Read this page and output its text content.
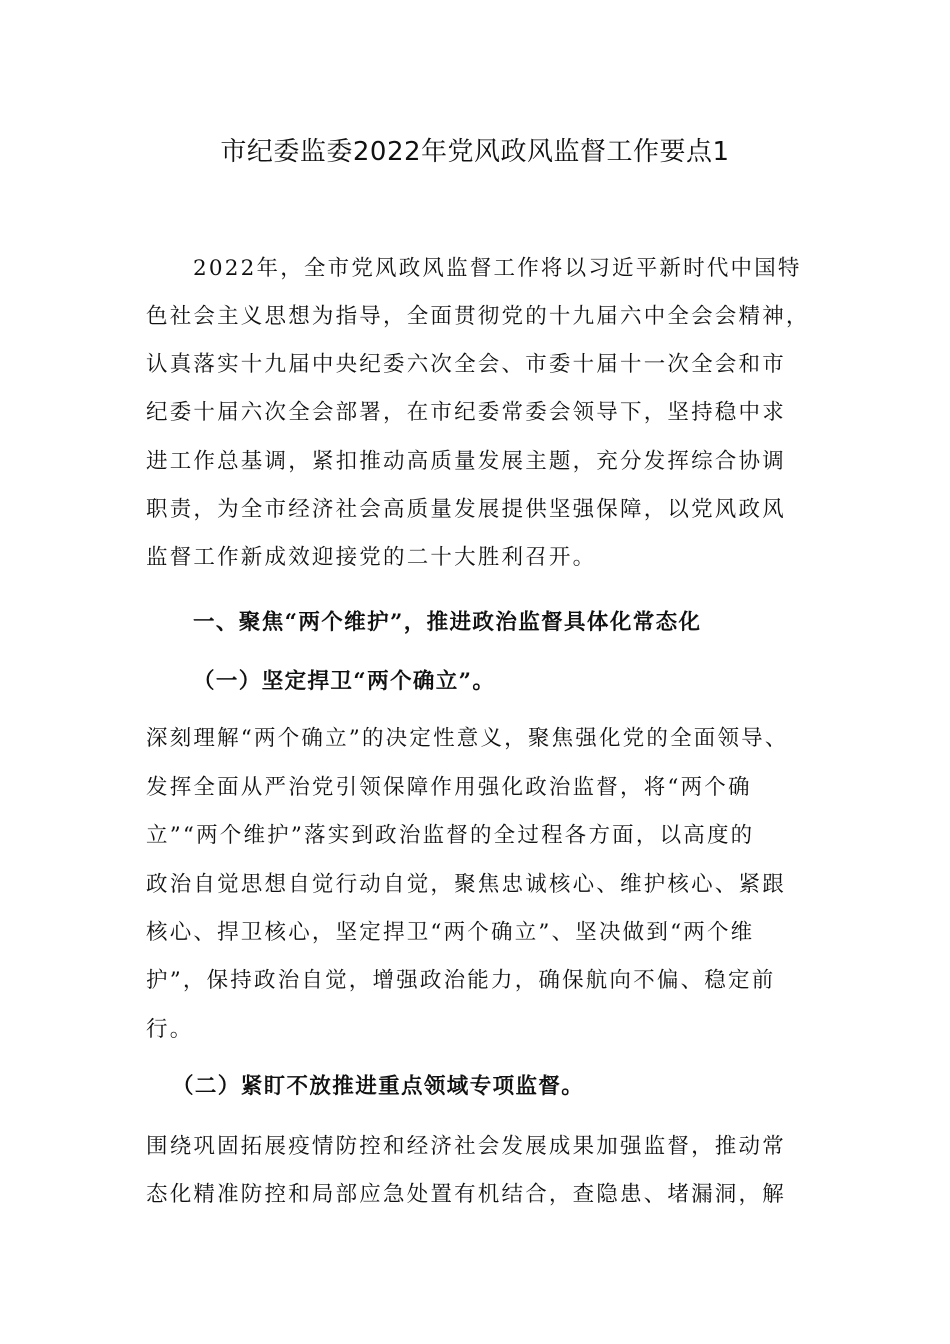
市纪委监委2022年党风政风监督工作要点1
2022年，全市党风政风监督工作将以习近平新时代中国特
色社会主义思想为指导，全面贯彻党的十九届六中全会会精神，
认真落实十九届中央纪委六次全会、市委十届十一次全会和市
纪委十届六次全会部署，在市纪委常委会领导下，坚持稳中求
进工作总基调，紧扣推动高质量发展主题，充分发挥综合协调
职责，为全市经济社会高质量发展提供坚强保障，以党风政风
监督工作新成效迎接党的二十大胜利召开。
一、聚焦“两个维护”，推进政治监督具体化常态化
（一）坚定捍卫“两个确立”。
深刻理解“两个确立”的决定性意义，聚焦强化党的全面领导、
发挥全面从严治党引领保障作用强化政治监督，将“两个确
立”“两个维护”落实到政治监督的全过程各方面，以高度的
政治自觉思想自觉行动自觉，聚焦忠诚核心、维护核心、紧跟
核心、捍卫核心，坚定捍卫“两个确立”、坚决做到“两个维
护”，保持政治自觉，增强政治能力，确保航向不偏、稳定前
行。
（二）紧盯不放推进重点领域专项监督。
围绕巩固拓展疫情防控和经济社会发展成果加强监督，推动常
态化精准防控和局部应急处置有机结合，查隐患、堵漏洞，解
